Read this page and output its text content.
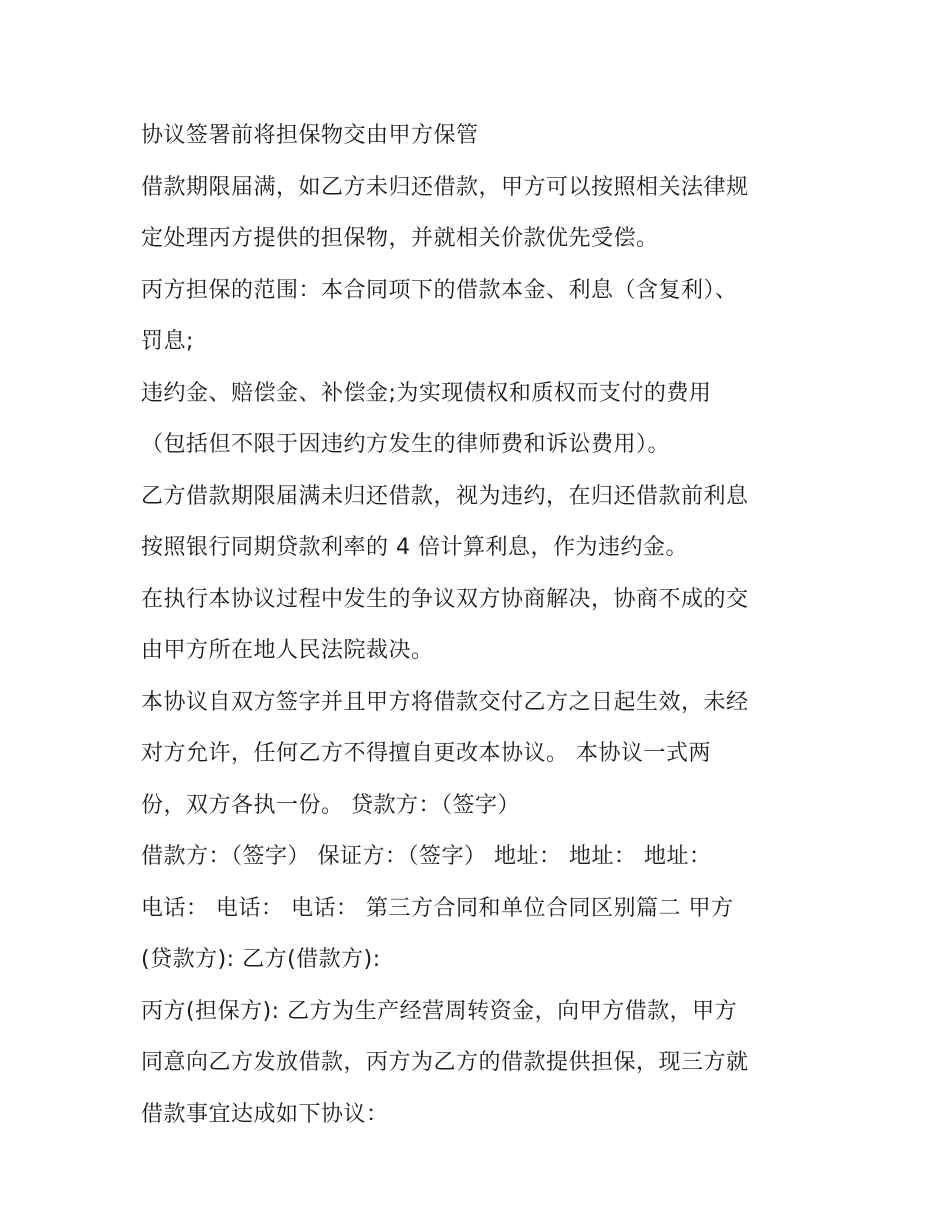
协议签署前将担保物交由甲方保管
借款期限届满，如乙方未归还借款，甲方可以按照相关法律规
定处理丙方提供的担保物，并就相关价款优先受偿。
丙方担保的范围：本合同项下的借款本金、利息（含复利）、
罚息;
违约金、赔偿金、补偿金;为实现债权和质权而支付的费用
（包括但不限于因违约方发生的律师费和诉讼费用）。
乙方借款期限届满未归还借款，视为违约，在归还借款前利息
按照银行同期贷款利率的 4 倍计算利息，作为违约金。
在执行本协议过程中发生的争议双方协商解决，协商不成的交
由甲方所在地人民法院裁决。
本协议自双方签字并且甲方将借款交付乙方之日起生效，未经
对方允许，任何乙方不得擅自更改本协议。 本协议一式两
份，双方各执一份。 贷款方：（签字）
借款方：（签字） 保证方：（签字） 地址： 地址： 地址：
电话： 电话： 电话： 第三方合同和单位合同区别篇二 甲方
(贷款方): 乙方(借款方):
丙方(担保方): 乙方为生产经营周转资金，向甲方借款，甲方
同意向乙方发放借款，丙方为乙方的借款提供担保，现三方就
借款事宜达成如下协议：
